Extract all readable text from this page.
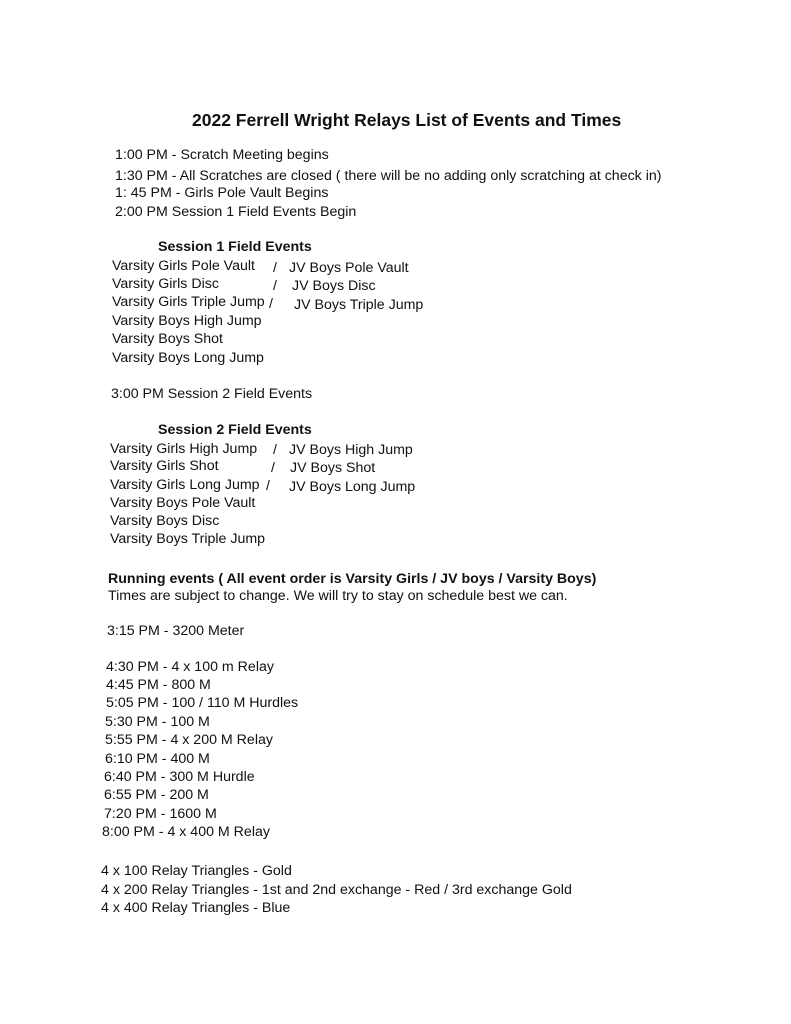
2022 Ferrell Wright Relays List of Events and Times
1:00 PM - Scratch Meeting begins
1:30 PM - All Scratches are closed ( there will be no adding only scratching at check in)
1: 45 PM - Girls Pole Vault Begins
2:00 PM Session 1 Field Events Begin
Session 1 Field Events
Varsity Girls Pole Vault / JV Boys Pole Vault
Varsity Girls Disc	/ JV Boys Disc
Varsity Girls Triple Jump / JV Boys Triple Jump
Varsity Boys High Jump
Varsity Boys Shot
Varsity Boys Long Jump
3:00 PM Session 2 Field Events
Session 2 Field Events
Varsity Girls High Jump / JV Boys High Jump
Varsity Girls Shot	/ JV Boys Shot
Varsity Girls Long Jump / JV Boys Long Jump
Varsity Boys Pole Vault
Varsity Boys Disc
Varsity Boys Triple Jump
Running events ( All event order is Varsity Girls / JV boys / Varsity Boys)
Times are subject to change. We will try to stay on schedule best we can.
3:15 PM - 3200 Meter
4:30 PM - 4 x 100 m Relay
4:45 PM - 800 M
5:05 PM - 100 / 110 M Hurdles
5:30 PM - 100 M
5:55 PM - 4 x 200 M Relay
6:10 PM - 400 M
6:40 PM - 300 M Hurdle
6:55 PM - 200 M
7:20 PM - 1600 M
8:00 PM - 4 x 400 M Relay
4 x 100 Relay Triangles - Gold
4 x 200 Relay Triangles - 1st and 2nd exchange - Red / 3rd exchange Gold
4 x 400 Relay Triangles - Blue
